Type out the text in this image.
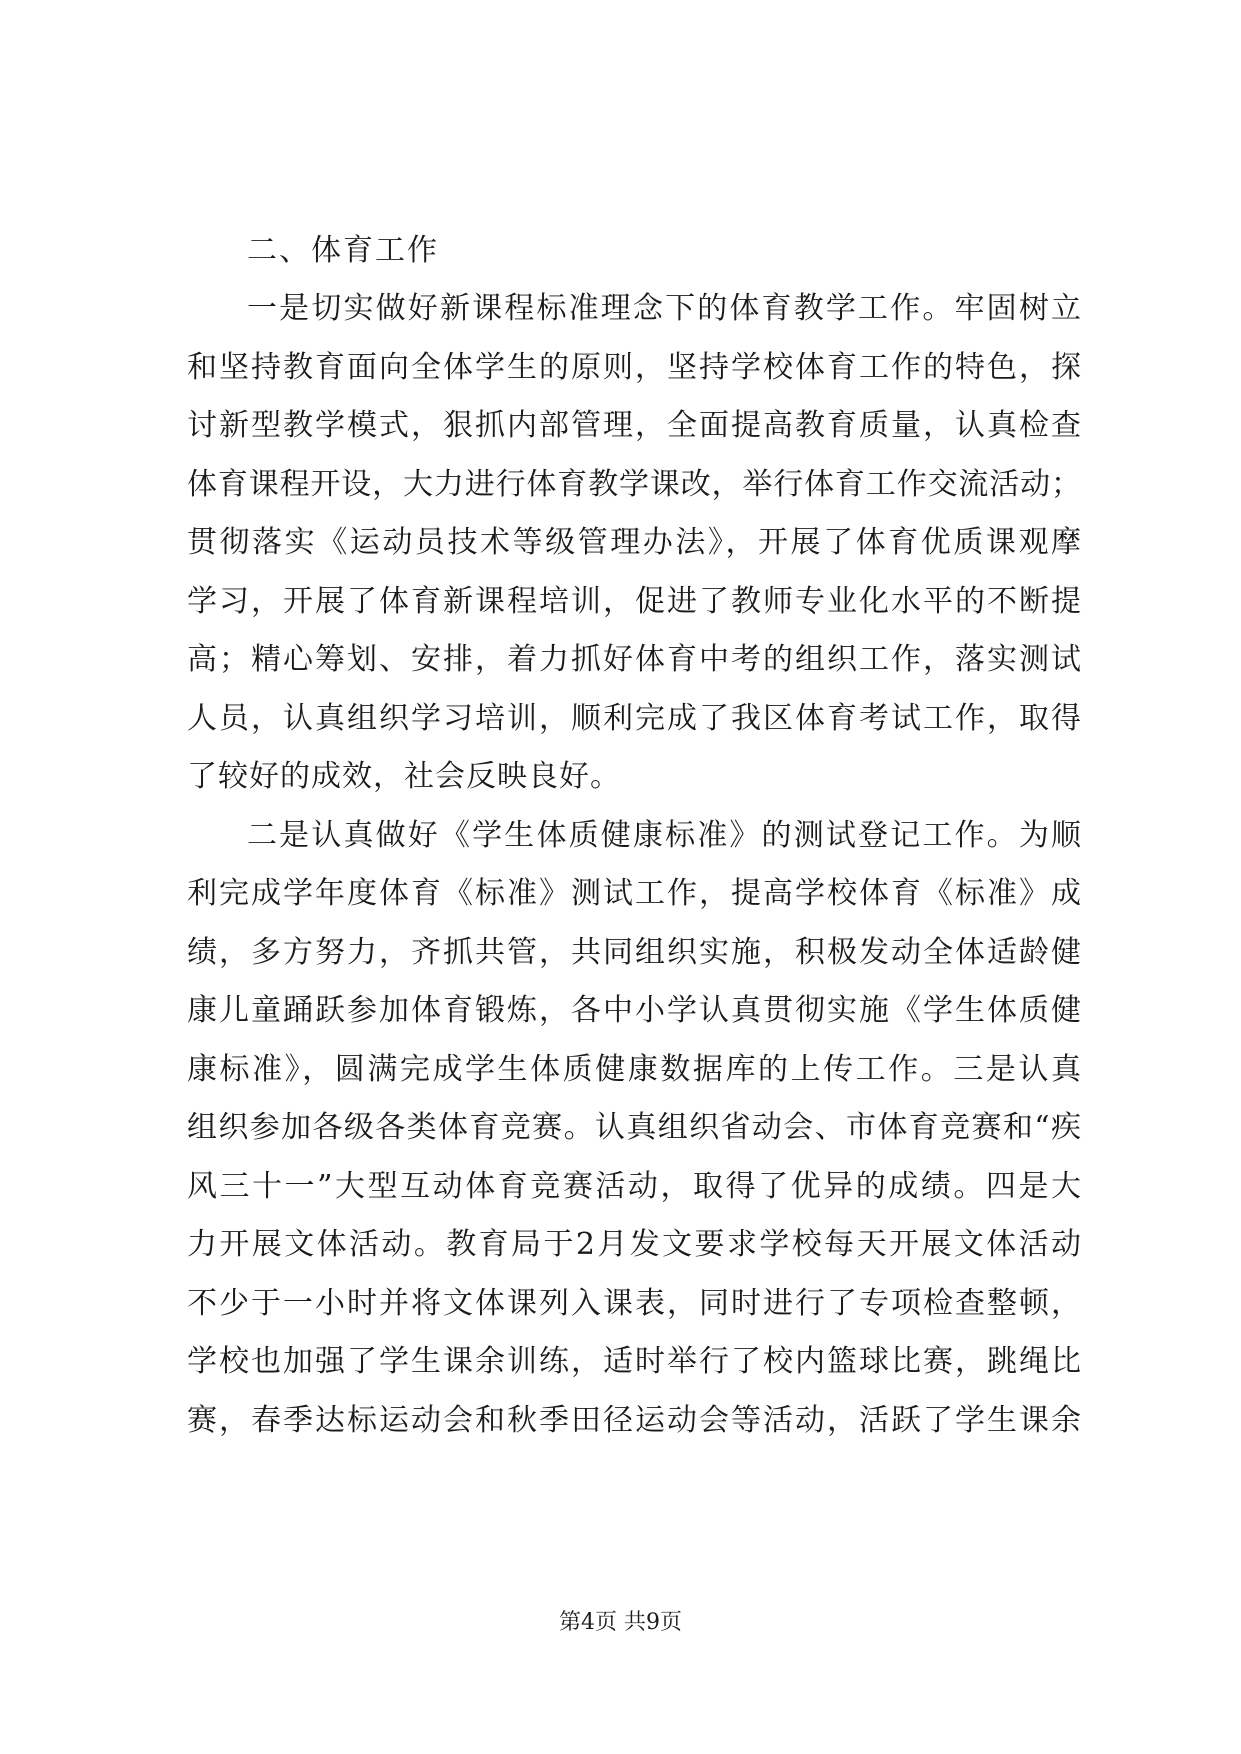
二、体育工作

一是切实做好新课程标准理念下的体育教学工作。牢固树立

和坚持教育面向全体学生的原则，坚持学校体育工作的特色，探

讨新型教学模式，狠抓内部管理，全面提高教育质量，认真检查

体育课程开设，大力进行体育教学课改，举行体育工作交流活动；

贯彻落实《运动员技术等级管理办法》，开展了体育优质课观摩

学习，开展了体育新课程培训，促进了教师专业化水平的不断提

高；精心筹划、安排，着力抓好体育中考的组织工作，落实测试

人员，认真组织学习培训，顺利完成了我区体育考试工作，取得

了较好的成效，社会反映良好。

二是认真做好《学生体质健康标准》的测试登记工作。为顺

利完成学年度体育《标准》测试工作，提高学校体育《标准》成

绩，多方努力，齐抓共管，共同组织实施，积极发动全体适龄健

康儿童踊跃参加体育锻炼，各中小学认真贯彻实施《学生体质健

康标准》，圆满完成学生体质健康数据库的上传工作。三是认真

组织参加各级各类体育竞赛。认真组织省动会、市体育竞赛和“疾

风三十一”大型互动体育竞赛活动，取得了优异的成绩。四是大

力开展文体活动。教育局于2月发文要求学校每天开展文体活动

不少于一小时并将文体课列入课表，同时进行了专项检查整顿，

学校也加强了学生课余训练，适时举行了校内篮球比赛，跳绳比

赛，春季达标运动会和秋季田径运动会等活动，活跃了学生课余

第4页 共9页
